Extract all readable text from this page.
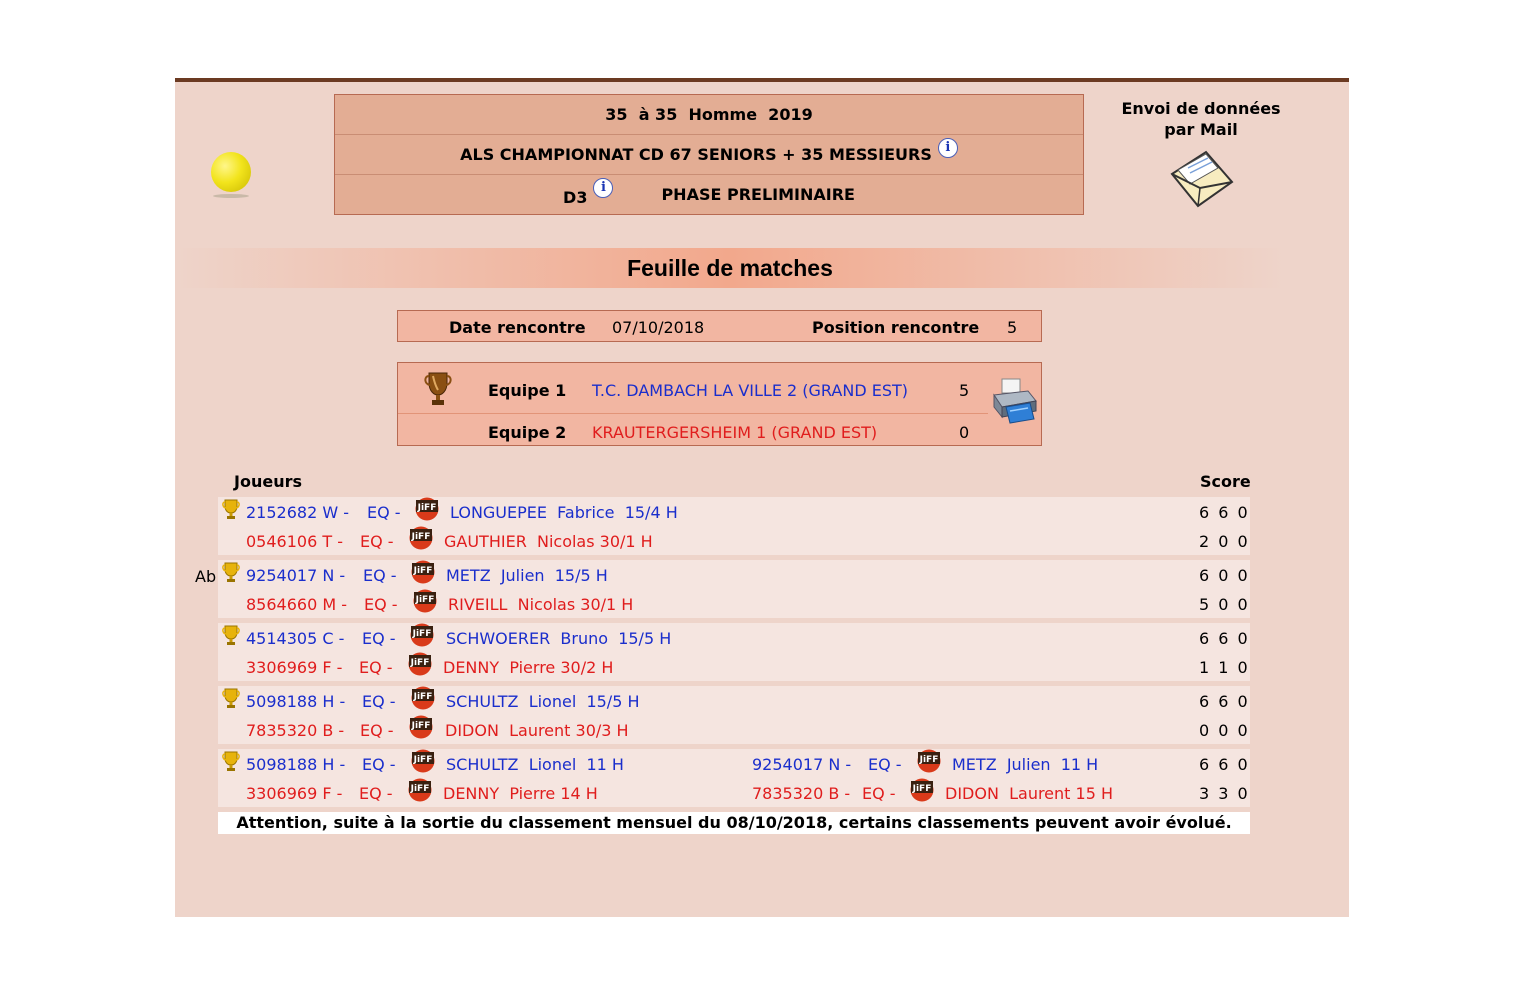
35  à 35  Homme  2019
ALS CHAMPIONNAT CD 67 SENIORS + 35 MESSIEURS	i
D3	i	PHASE PRELIMINAIRE
Envoi de données
par Mail
Feuille de matches
Date rencontre 07/10/2018	Position rencontre 5
Equipe 1 T.C. DAMBACH LA VILLE 2 (GRAND EST)	5
Equipe 2 KRAUTERGERSHEIM 1 (GRAND EST)	0
Joueurs	Score
Ab
2152682 W - EQ - JiFF LONGUEPEE  Fabrice  15/4 H	6 6 0
0546106 T - EQ - JiFF GAUTHIER  Nicolas 30/1 H	2 0 0
9254017 N - EQ - JiFF METZ  Julien  15/5 H	6 0 0
8564660 M - EQ - JiFF RIVEILL  Nicolas 30/1 H	5 0 0
4514305 C - EQ - JiFF SCHWOERER  Bruno  15/5 H	6 6 0
3306969 F - EQ - JiFF DENNY  Pierre 30/2 H	1 1 0
5098188 H - EQ - JiFF SCHULTZ  Lionel  15/5 H	6 6 0
7835320 B - EQ - JiFF DIDON  Laurent 30/3 H	0 0 0
5098188 H - EQ - JiFF SCHULTZ  Lionel  11 H	9254017 N - EQ - JiFF METZ  Julien  11 H	6 6 0
3306969 F - EQ - JiFF DENNY  Pierre 14 H	7835320 B - EQ - JiFF DIDON  Laurent 15 H	3 3 0
Attention, suite à la sortie du classement mensuel du 08/10/2018, certains classements peuvent avoir évolué.
